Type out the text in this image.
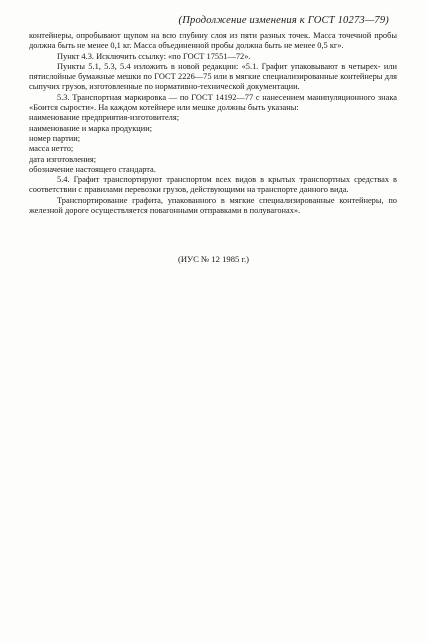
(Продолжение изменения к ГОСТ 10273—79)

контейнеры, опробывают щупом на всю глубину слоя из пяти разных точек. Масса точечной пробы должна быть не менее 0,1 кг. Масса объединенной пробы должна быть не менее 0,5 кг».

Пункт 4.3. Исключить ссылку: «по ГОСТ 17551—72».

Пункты 5.1, 5.3, 5.4 изложить в новой редакции: «5.1. Графит упаковывают в четырех- или пятислойные бумажные мешки по ГОСТ 2226—75 или в мягкие специализированные контейнеры для сыпучих грузов, изготовленные по нормативно-технической документации.

5.3. Транспортная маркировка — по ГОСТ 14192—77 с нанесением манипуляционного знака «Боится сырости». На каждом котейнере или мешке должны быть указаны:

наименование предприятия-изготовителя;

наименование и марка продукции;

номер партии;

масса нетто;

дата изготовления;

обозначение настоящего стандарта.

5.4. Графит транспортируют транспортом всех видов в крытых транспортных средствах в соответствии с правилами перевозки грузов, действующими на транспорте данного вида.

Транспортирование графита, упакованного в мягкие специализированные контейнеры, по железной дороге осуществляется повагонными отправками в полувагонах».

(ИУС № 12 1985 г.)
